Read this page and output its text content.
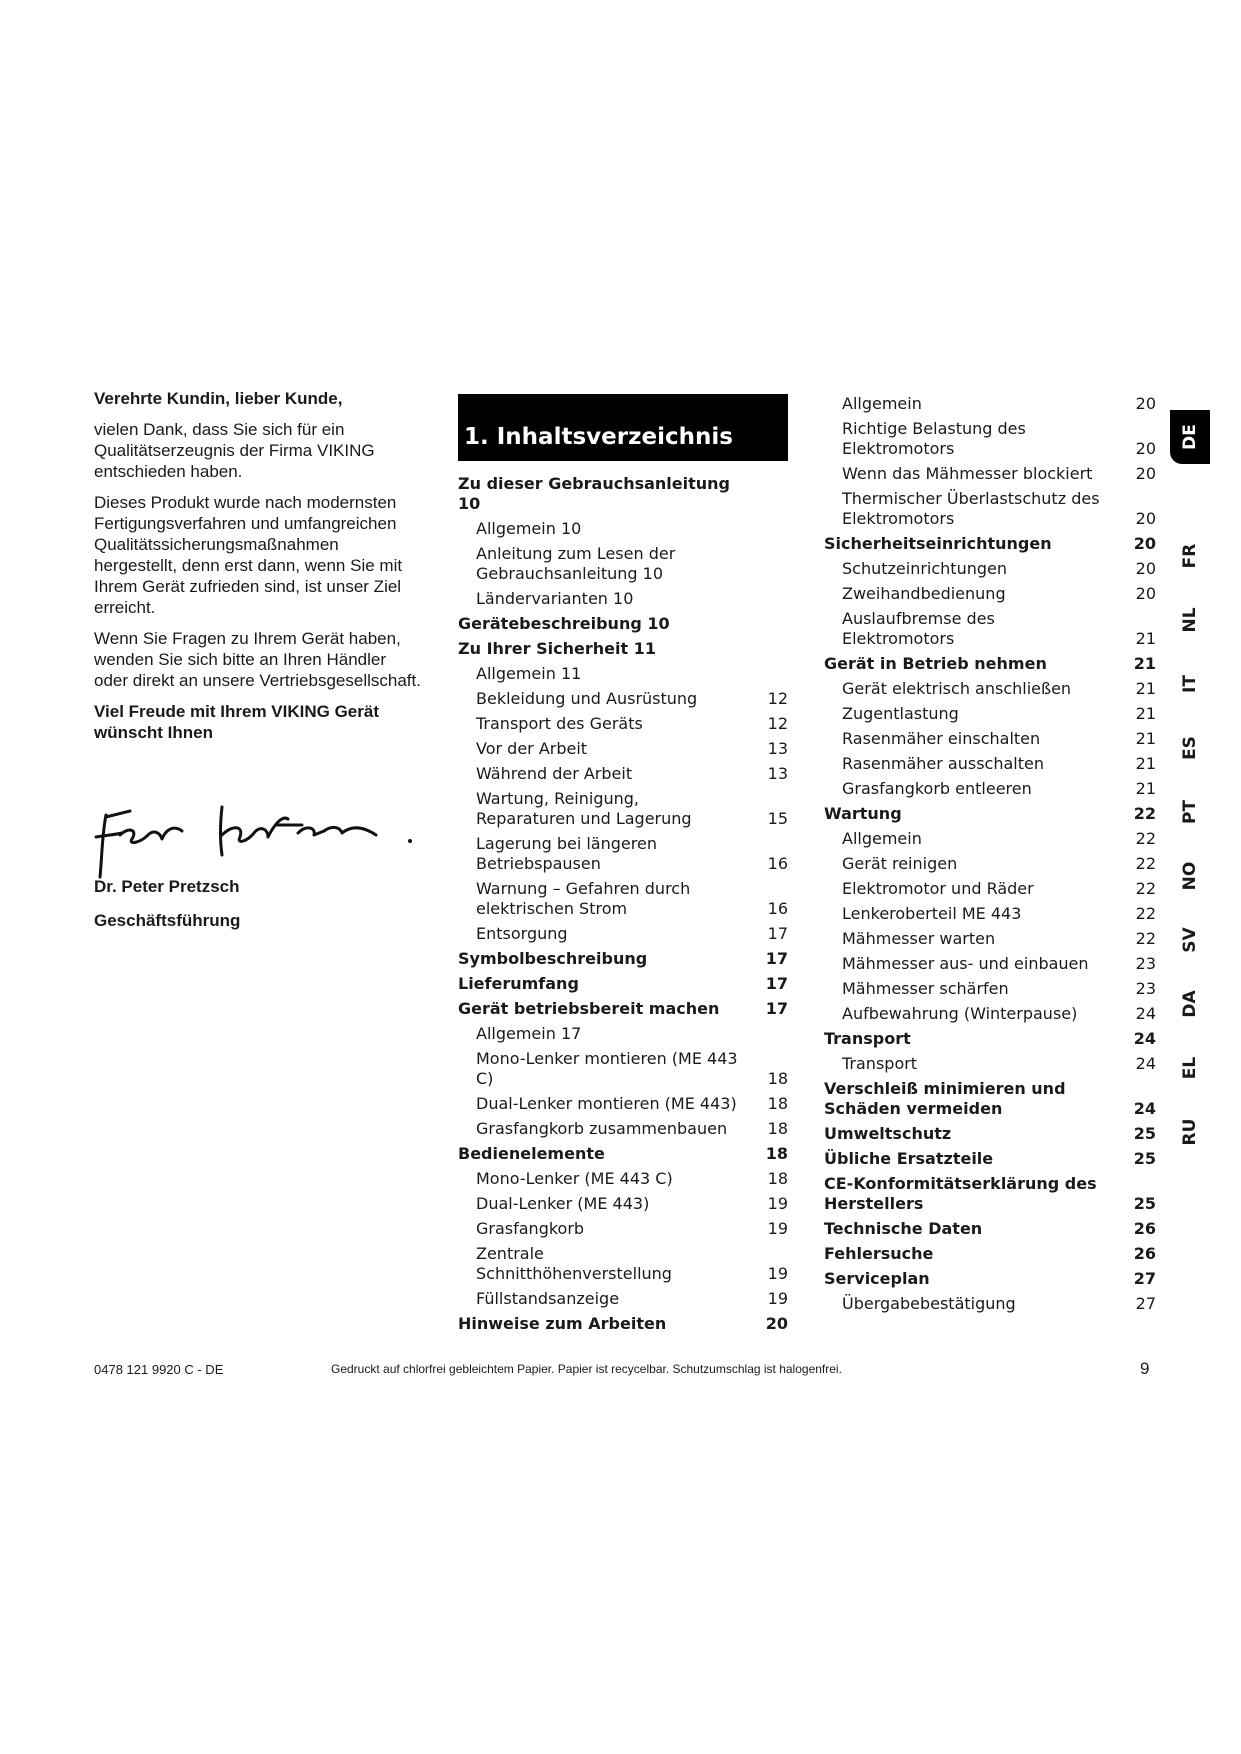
Verehrte Kundin, lieber Kunde,

vielen Dank, dass Sie sich für ein Qualitätserzeugnis der Firma VIKING entschieden haben.

Dieses Produkt wurde nach modernsten Fertigungsverfahren und umfangreichen Qualitätssicherungsmaßnahmen hergestellt, denn erst dann, wenn Sie mit Ihrem Gerät zufrieden sind, ist unser Ziel erreicht.

Wenn Sie Fragen zu Ihrem Gerät haben, wenden Sie sich bitte an Ihren Händler oder direkt an unsere Vertriebsgesellschaft.

Viel Freude mit Ihrem VIKING Gerät wünscht Ihnen

Dr. Peter Pretzsch
Geschäftsführung
1. Inhaltsverzeichnis
Zu dieser Gebrauchsanleitung 10
Allgemein 10
Anleitung zum Lesen der Gebrauchsanleitung 10
Ländervarianten 10
Gerätebeschreibung 10
Zu Ihrer Sicherheit 11
Allgemein 11
Bekleidung und Ausrüstung	12
Transport des Geräts	12
Vor der Arbeit	13
Während der Arbeit	13
Wartung, Reinigung, Reparaturen und Lagerung	15
Lagerung bei längeren Betriebspausen	16
Warnung – Gefahren durch elektrischen Strom	16
Entsorgung	17
Symbolbeschreibung	17
Lieferumfang	17
Gerät betriebsbereit machen	17
Allgemein 17
Mono-Lenker montieren (ME 443 C)	18
Dual-Lenker montieren (ME 443)	18
Grasfangkorb zusammenbauen	18
Bedienelemente	18
Mono-Lenker (ME 443 C)	18
Dual-Lenker (ME 443)	19
Grasfangkorb	19
Zentrale Schnitthöhenverstellung	19
Füllstandsanzeige	19
Hinweise zum Arbeiten	20
Allgemein	20
Richtige Belastung des Elektromotors	20
Wenn das Mähmesser blockiert	20
Thermischer Überlastschutz des Elektromotors	20
Sicherheitseinrichtungen	20
Schutzeinrichtungen	20
Zweihandbedienung	20
Auslaufbremse des Elektromotors	21
Gerät in Betrieb nehmen	21
Gerät elektrisch anschließen	21
Zugentlastung	21
Rasenmäher einschalten	21
Rasenmäher ausschalten	21
Grasfangkorb entleeren	21
Wartung	22
Allgemein	22
Gerät reinigen	22
Elektromotor und Räder	22
Lenkeroberteil ME 443	22
Mähmesser warten	22
Mähmesser aus- und einbauen	23
Mähmesser schärfen	23
Aufbewahrung (Winterpause)	24
Transport	24
Transport	24
Verschleiß minimieren und Schäden vermeiden	24
Umweltschutz	25
Übliche Ersatzteile	25
CE-Konformitätserklärung des Herstellers	25
Technische Daten	26
Fehlersuche	26
Serviceplan	27
Übergabebestätigung	27
DE
FR
NL
IT
ES
PT
NO
SV
DA
EL
RU
0478 121 9920 C - DE	Gedruckt auf chlorfrei gebleichtem Papier. Papier ist recycelbar. Schutzumschlag ist halogenfrei.	9
